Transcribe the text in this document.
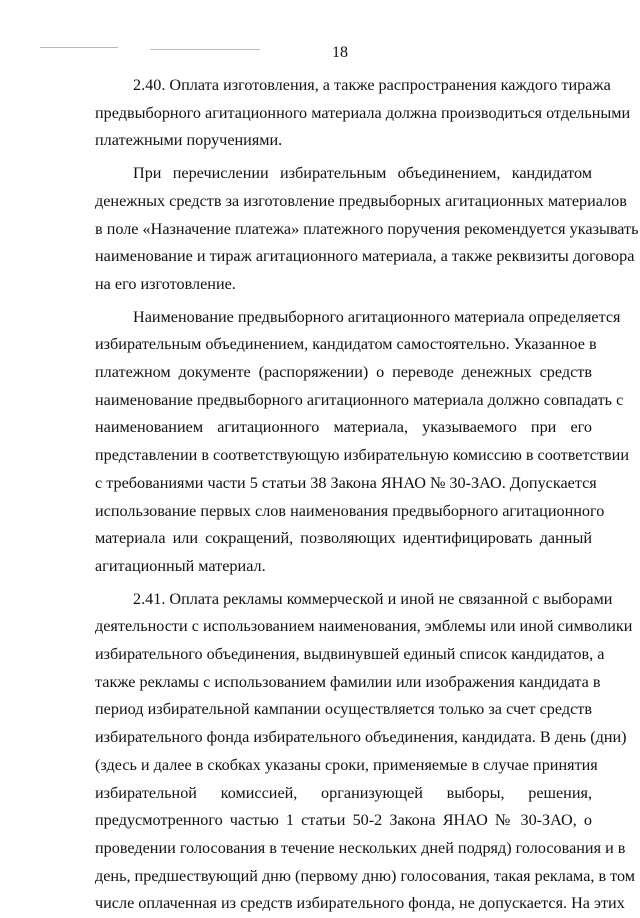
18

2.40. Оплата изготовления, а также распространения каждого тиража
предвыборного агитационного материала должна производиться отдельными
платежными поручениями.

При перечислении избирательным объединением, кандидатом
денежных средств за изготовление предвыборных агитационных материалов
в поле «Назначение платежа» платежного поручения рекомендуется указывать
наименование и тираж агитационного материала, а также реквизиты договора
на его изготовление.

Наименование предвыборного агитационного материала определяется
избирательным объединением, кандидатом самостоятельно. Указанное в
платежном документе (распоряжении) о переводе денежных средств
наименование предвыборного агитационного материала должно совпадать с
наименованием агитационного материала, указываемого при его
представлении в соответствующую избирательную комиссию в соответствии
с требованиями части 5 статьи 38 Закона ЯНАО № 30-ЗАО. Допускается
использование первых слов наименования предвыборного агитационного
материала или сокращений, позволяющих идентифицировать данный
агитационный материал.

2.41. Оплата рекламы коммерческой и иной не связанной с выборами
деятельности с использованием наименования, эмблемы или иной символики
избирательного объединения, выдвинувшей единый список кандидатов, а
также рекламы с использованием фамилии или изображения кандидата в
период избирательной кампании осуществляется только за счет средств
избирательного фонда избирательного объединения, кандидата. В день (дни)
(здесь и далее в скобках указаны сроки, применяемые в случае принятия
избирательной комиссией, организующей выборы, решения,
предусмотренного частью 1 статьи 50-2 Закона ЯНАО № 30-ЗАО, о
проведении голосования в течение нескольких дней подряд) голосования и в
день, предшествующий дню (первому дню) голосования, такая реклама, в том
числе оплаченная из средств избирательного фонда, не допускается. На этих
